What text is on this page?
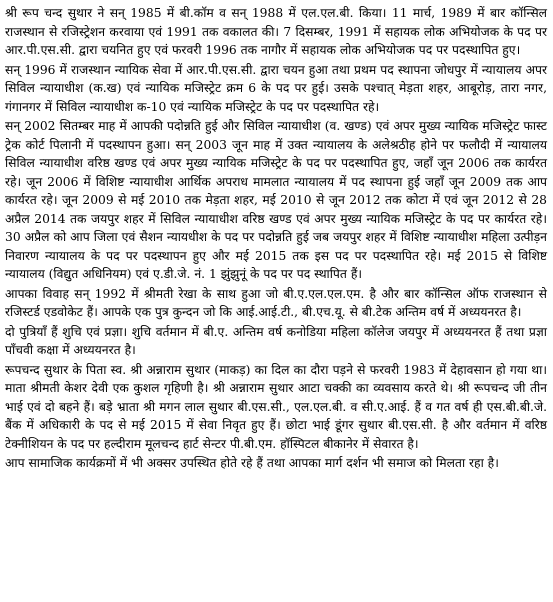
श्री रूप चन्द सुथार ने सन् 1985 में बी.कॉम व सन् 1988 में एल.एल.बी. किया। 11 मार्च, 1989 में बार कॉन्सिल राजस्थान से रजिस्ट्रेशन करवाया एवं 1991 तक वकालत की। 7 दिसम्बर, 1991 में सहायक लोक अभियोजक के पद पर आर.पी.एस.सी. द्वारा चयनित हुए एवं फरवरी 1996 तक नागौर में सहायक लोक अभियोजक पद पर पदस्थापित हुए।

सन् 1996 में राजस्थान न्यायिक सेवा में आर.पी.एस.सी. द्वारा चयन हुआ तथा प्रथम पद स्थापना जोधपुर में न्यायालय अपर सिविल न्यायाधीश (क.ख) एवं न्यायिक मजिस्ट्रेट क्रम 6 के पद पर हुई। उसके पश्चात् मेड़ता शहर, आबूरोड़, तारा नगर, गंगानगर में सिविल न्यायाधीश क-10 एवं न्यायिक मजिस्ट्रेट के पद पर पदस्थापित रहे।

सन् 2002 सितम्बर माह में आपकी पदोन्नति हुई और सिविल न्यायाधीश (व. खण्ड) एवं अपर मुख्य न्यायिक मजिस्ट्रेट फास्ट ट्रेक कोर्ट पिलानी में पदस्थापन हुआ। सन् 2003 जून माह में उक्त न्यायालय के अलेश्रठीह होने पर फलौदी में न्यायालय सिविल न्यायाधीश वरिष्ठ खण्ड एवं अपर मुख्य न्यायिक मजिस्ट्रेट के पद पर पदस्थापित हुए, जहाँ जून 2006 तक कार्यरत रहे। जून 2006 में विशिष्ट न्यायाधीश आर्थिक अपराध मामलात न्यायालय में पद स्थापना हुई जहाँ जून 2009 तक आप कार्यरत रहे। जून 2009 से मई 2010 तक मेड़ता शहर, मई 2010 से जून 2012 तक कोटा में एवं जून 2012 से 28 अप्रैल 2014 तक जयपुर शहर में सिविल न्यायाधीश वरिष्ठ खण्ड एवं अपर मुख्य न्यायिक मजिस्ट्रेट के पद पर कार्यरत रहे। 30 अप्रैल को आप जिला एवं सैशन न्यायधीश के पद पर पदोन्नति हुई जब जयपुर शहर में विशिष्ट न्यायाधीश महिला उत्पीड़न निवारण न्यायालय के पद पर पदस्थापन हुए और मई 2015 तक इस पद पर पदस्थापित रहे। मई 2015 से विशिष्ट न्यायालय (विद्युत अधिनियम) एवं ए.डी.जे. नं. 1 झुंझुनूं के पद पर पद स्थापित हैं।

आपका विवाह सन् 1992 में श्रीमती रेखा के साथ हुआ जो बी.ए.एल.एल.एम. है और बार कॉन्सिल ऑफ राजस्थान से रजिस्टर्ड एडवोकेट हैं। आपके एक पुत्र कुन्दन जो कि आई.आई.टी., बी.एच.यू. से बी.टेक अन्तिम वर्ष में अध्ययनरत है।

दो पुत्रियाँ हैं शुचि एवं प्रज्ञा। शुचि वर्तमान में बी.ए. अन्तिम वर्ष कनोडिया महिला कॉलेज जयपुर में अध्ययनरत हैं तथा प्रज्ञा पाँचवी कक्षा में अध्ययनरत है।

रूपचन्द सुथार के पिता स्व. श्री अन्नाराम सुथार (माकड़) का दिल का दौरा पड़ने से फरवरी 1983 में देहावसान हो गया था। माता श्रीमती केशर देवी एक कुशल गृहिणी है। श्री अन्नाराम सुथार आटा चक्की का व्यवसाय करते थे। श्री रूपचन्द जी तीन भाई एवं दो बहने हैं। बड़े भ्राता श्री मगन लाल सुथार बी.एस.सी., एल.एल.बी. व सी.ए.आई. हैं व गत वर्ष ही एस.बी.बी.जे. बैंक में अधिकारी के पद से मई 2015 में सेवा निवृत हुए हैं। छोटा भाई डूंगर सुथार बी.एस.सी. है और वर्तमान में वरिष्ठ टेक्नीशियन के पद पर हल्दीराम मूलचन्द हार्ट सेन्टर पी.बी.एम. हॉस्पिटल बीकानेर में सेवारत है।

आप सामाजिक कार्यक्रमों में भी अक्सर उपस्थित होते रहे हैं तथा आपका मार्ग दर्शन भी समाज को मिलता रहा है।
